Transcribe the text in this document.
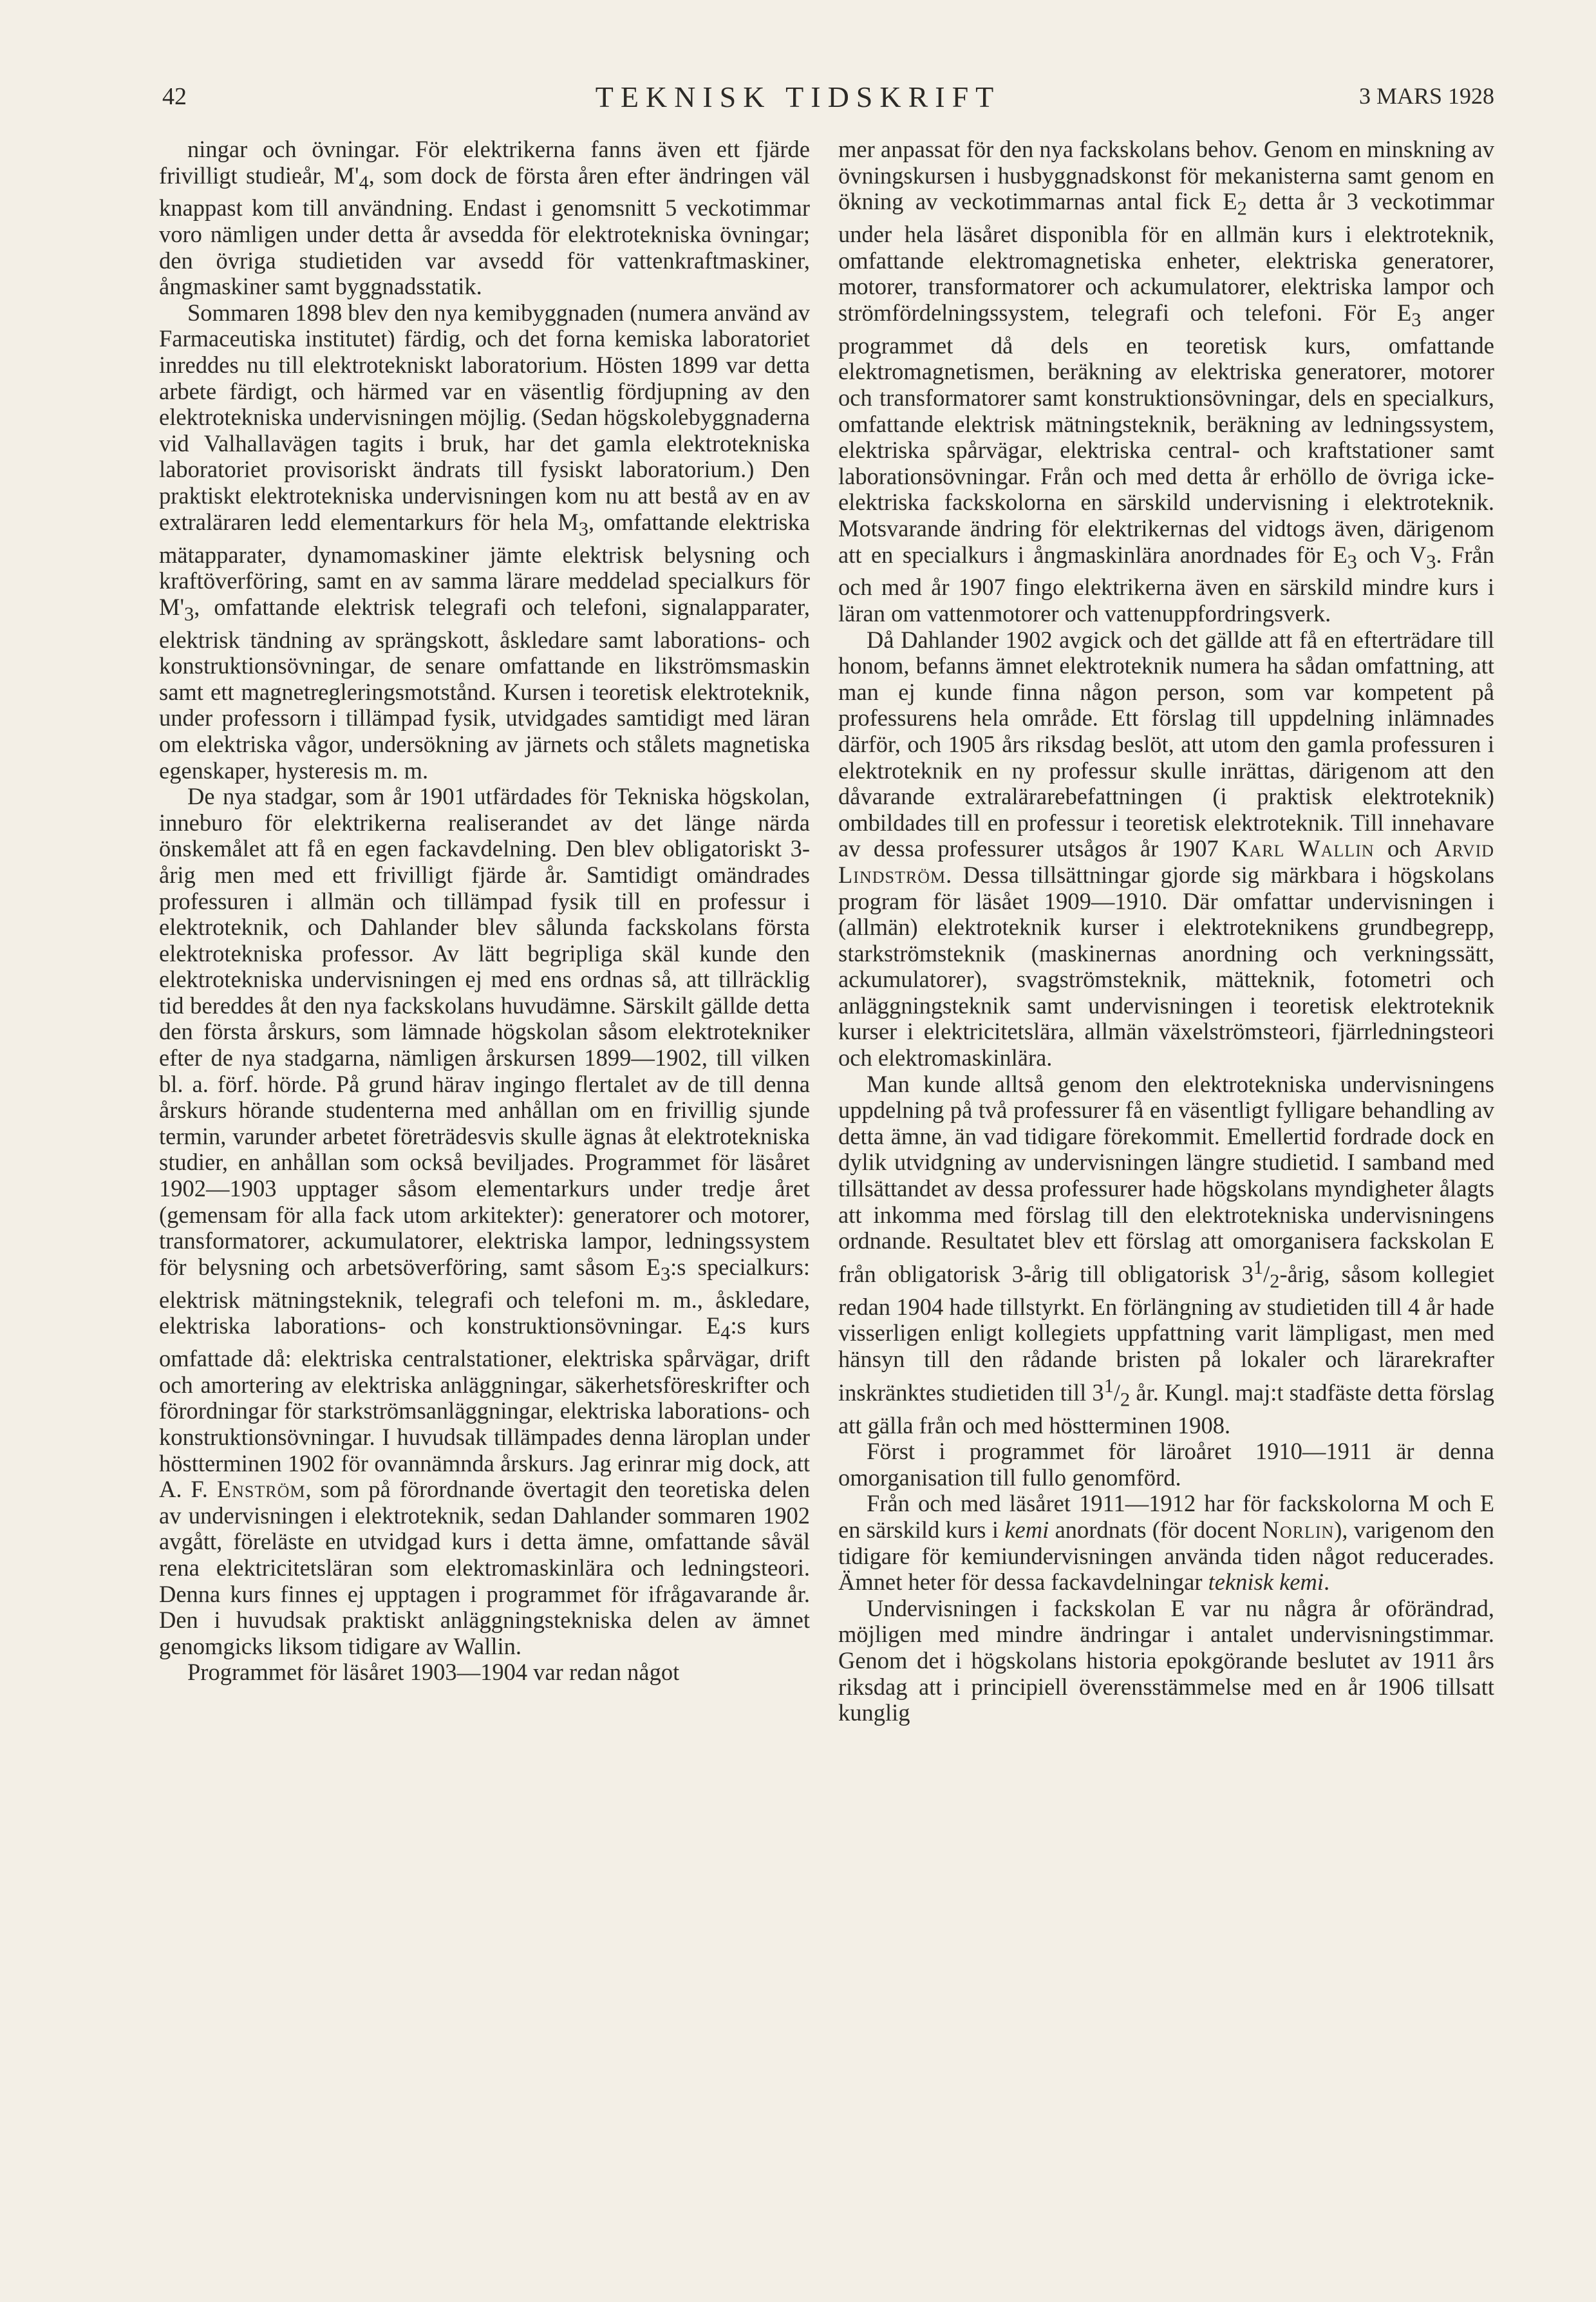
42	TEKNISK TIDSKRIFT	3 MARS 1928

ningar och övningar. För elektrikerna fanns även ett fjärde frivilligt studieår, $M'_4$, som dock de första åren efter ändringen väl knappast kom till användning. Endast i genomsnitt 5 veckotimmar voro nämligen under detta år avsedda för elektrotekniska övningar; den övriga studietiden var avsedd för vattenkraftmaskiner, ångmaskiner samt byggnadsstatik.

Sommaren 1898 blev den nya kemibyggnaden (numera använd av Farmaceutiska institutet) färdig, och det forna kemiska laboratoriet inreddes nu till elektrotekniskt laboratorium. Hösten 1899 var detta arbete färdigt, och härmed var en väsentlig fördjupning av den elektrotekniska undervisningen möjlig. (Sedan högskolebyggnaderna vid Valhallavägen tagits i bruk, har det gamla elektrotekniska laboratoriet provisoriskt ändrats till fysiskt laboratorium.) Den praktiskt elektrotekniska undervisningen kom nu att bestå av en av extraläraren ledd elementarkurs för hela $M_3$, omfattande elektriska mätapparater, dynamomaskiner jämte elektrisk belysning och kraftöverföring, samt en av samma lärare meddelad specialkurs för $M'_3$, omfattande elektrisk telegrafi och telefoni, signalapparater, elektrisk tändning av sprängskott, åskledare samt laborations- och konstruktionsövningar, de senare omfattande en likströmsmaskin samt ett magnetregleringsmotstånd. Kursen i teoretisk elektroteknik, under professorn i tillämpad fysik, utvidgades samtidigt med läran om elektriska vågor, undersökning av järnets och stålets magnetiska egenskaper, hysteresis m. m.

De nya stadgar, som år 1901 utfärdades för Tekniska högskolan, inneburo för elektrikerna realiserandet av det länge närda önskemålet att få en egen fackavdelning. Den blev obligatoriskt 3-årig men med ett frivilligt fjärde år. Samtidigt omändrades professuren i allmän och tillämpad fysik till en professur i elektroteknik, och Dahlander blev sålunda fackskolans första elektrotekniska professor. Av lätt begripliga skäl kunde den elektrotekniska undervisningen ej med ens ordnas så, att tillräcklig tid bereddes åt den nya fackskolans huvudämne. Särskilt gällde detta den första årskurs, som lämnade högskolan såsom elektrotekniker efter de nya stadgarna, nämligen årskursen 1899—1902, till vilken bl. a. förf. hörde. På grund härav ingingo flertalet av de till denna årskurs hörande studenterna med anhållan om en frivillig sjunde termin, varunder arbetet företrädesvis skulle ägnas åt elektrotekniska studier, en anhållan som också beviljades. Programmet för läsåret 1902—1903 upptager såsom elementarkurs under tredje året (gemensam för alla fack utom arkitekter): generatorer och motorer, transformatorer, ackumulatorer, elektriska lampor, ledningssystem för belysning och arbetsöverföring, samt såsom $E_3:s$ specialkurs: elektrisk mätningsteknik, telegrafi och telefoni m. m., åskledare, elektriska laborations- och konstruktionsövningar. $E_4:s$ kurs omfattade då: elektriska centralstationer, elektriska spårvägar, drift och amortering av elektriska anläggningar, säkerhetsföreskrifter och förordningar för starkströmsanläggningar, elektriska laborations- och konstruktionsövningar. I huvudsak tillämpades denna läroplan under höstterminen 1902 för ovannämnda årskurs. Jag erinrar mig dock, att A. F. Enström, som på förordnande övertagit den teoretiska delen av undervisningen i elektroteknik, sedan Dahlander sommaren 1902 avgått, föreläste en utvidgad kurs i detta ämne, omfattande såväl rena elektricitetsläran som elektromaskinlära och ledningsteori. Denna kurs finnes ej upptagen i programmet för ifrågavarande år. Den i huvudsak praktiskt anläggningstekniska delen av ämnet genomgicks liksom tidigare av Wallin.

Programmet för läsåret 1903—1904 var redan något

mer anpassat för den nya fackskolans behov. Genom en minskning av övningskursen i husbyggnadskonst för mekanisterna samt genom en ökning av veckotimmarnas antal fick $E_2$ detta år 3 veckotimmar under hela läsåret disponibla för en allmän kurs i elektroteknik, omfattande elektromagnetiska enheter, elektriska generatorer, motorer, transformatorer och ackumulatorer, elektriska lampor och strömfördelningssystem, telegrafi och telefoni. För $E_3$ anger programmet då dels en teoretisk kurs, omfattande elektromagnetismen, beräkning av elektriska generatorer, motorer och transformatorer samt konstruktionsövningar, dels en specialkurs, omfattande elektrisk mätningsteknik, beräkning av ledningssystem, elektriska spårvägar, elektriska central- och kraftstationer samt laborationsövningar. Från och med detta år erhöllo de övriga icke-elektriska fackskolorna en särskild undervisning i elektroteknik. Motsvarande ändring för elektrikernas del vidtogs även, därigenom att en specialkurs i ångmaskinlära anordnades för $E_3$ och $V_3$. Från och med år 1907 fingo elektrikerna även en särskild mindre kurs i läran om vattenmotorer och vattenuppfordringsverk.

Då Dahlander 1902 avgick och det gällde att få en efterträdare till honom, befanns ämnet elektroteknik numera ha sådan omfattning, att man ej kunde finna någon person, som var kompetent på professurens hela område. Ett förslag till uppdelning inlämnades därför, och 1905 års riksdag beslöt, att utom den gamla professuren i elektroteknik en ny professur skulle inrättas, därigenom att den dåvarande extralärarebefattningen (i praktisk elektroteknik) ombildades till en professur i teoretisk elektroteknik. Till innehavare av dessa professurer utsågos år 1907 Karl Wallin och Arvid Lindström. Dessa tillsättningar gjorde sig märkbara i högskolans program för läsået 1909—1910. Där omfattar undervisningen i (allmän) elektroteknik kurser i elektroteknikens grundbegrepp, starkströmsteknik (maskinernas anordning och verkningssätt, ackumulatorer), svagströmsteknik, mätteknik, fotometri och anläggningsteknik samt undervisningen i teoretisk elektroteknik kurser i elektricitetslära, allmän växelströmsteori, fjärrledningsteori och elektromaskinlära.

Man kunde alltså genom den elektrotekniska undervisningens uppdelning på två professurer få en väsentligt fylligare behandling av detta ämne, än vad tidigare förekommit. Emellertid fordrade dock en dylik utvidgning av undervisningen längre studietid. I samband med tillsättandet av dessa professurer hade högskolans myndigheter ålagts att inkomma med förslag till den elektrotekniska undervisningens ordnande. Resultatet blev ett förslag att omorganisera fackskolan E från obligatorisk 3-årig till obligatorisk $3^1/_2$-årig, såsom kollegiet redan 1904 hade tillstyrkt. En förlängning av studietiden till 4 år hade visserligen enligt kollegiets uppfattning varit lämpligast, men med hänsyn till den rådande bristen på lokaler och lärarekrafter inskränktes studietiden till $3^1/_2$ år. Kungl. maj:t stadfäste detta förslag att gälla från och med höstterminen 1908.

Först i programmet för läroåret 1910—1911 är denna omorganisation till fullo genomförd.

Från och med läsåret 1911—1912 har för fackskolorna M och E en särskild kurs i kemi anordnats (för docent Norlin), varigenom den tidigare för kemiundervisningen använda tiden något reducerades. Ämnet heter för dessa fackavdelningar teknisk kemi.

Undervisningen i fackskolan E var nu några år oförändrad, möjligen med mindre ändringar i antalet undervisningstimmar. Genom det i högskolans historia epokgörande beslutet av 1911 års riksdag att i principiell överensstämmelse med en år 1906 tillsatt kunglig
